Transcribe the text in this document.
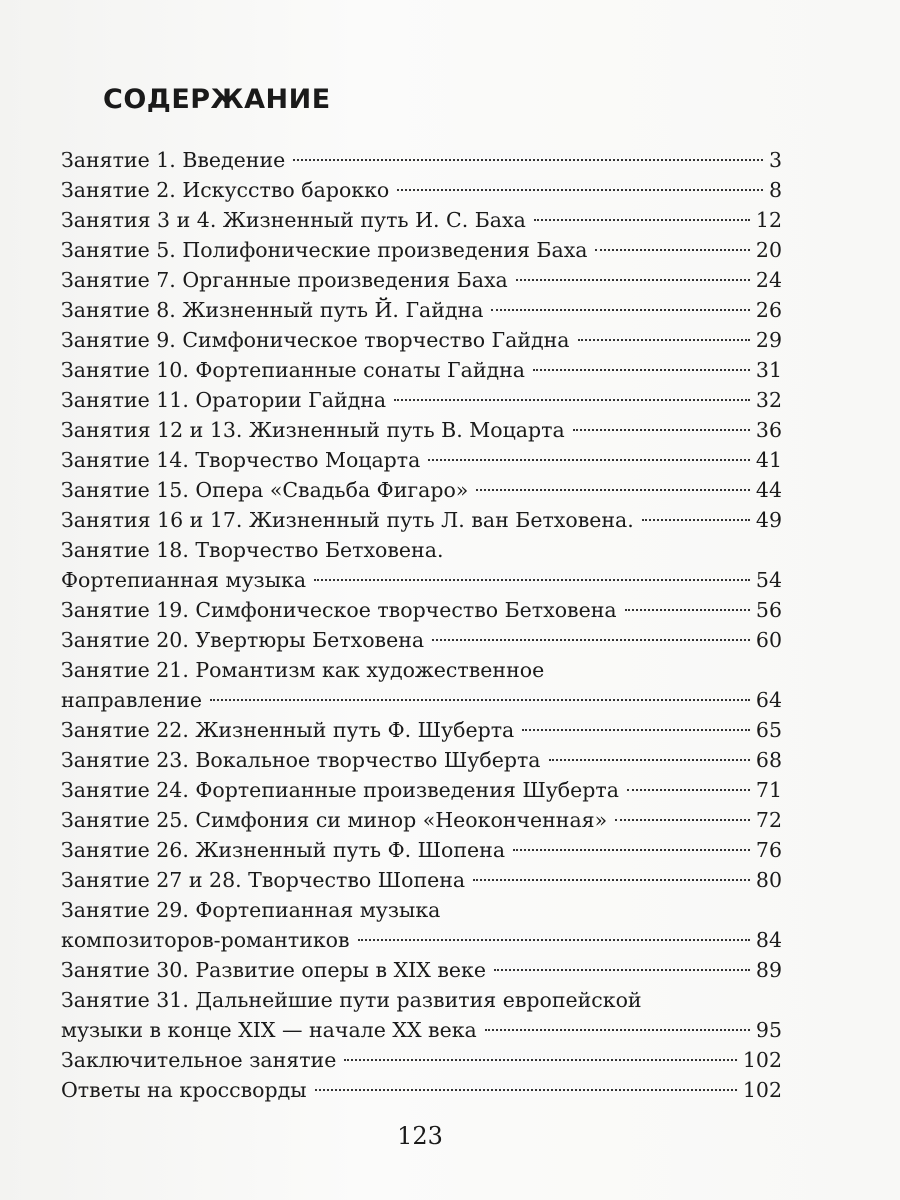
СОДЕРЖАНИЕ
Занятие 1. Введение	3
Занятие 2. Искусство барокко	8
Занятия 3 и 4. Жизненный путь И. С. Баха	12
Занятие 5. Полифонические произведения Баха	20
Занятие 7. Органные произведения Баха	24
Занятие 8. Жизненный путь Й. Гайдна	26
Занятие 9. Симфоническое творчество Гайдна	29
Занятие 10. Фортепианные сонаты Гайдна	31
Занятие 11. Оратории Гайдна	32
Занятия 12 и 13. Жизненный путь В. Моцарта	36
Занятие 14. Творчество Моцарта	41
Занятие 15. Опера «Свадьба Фигаро»	44
Занятия 16 и 17. Жизненный путь Л. ван Бетховена.	49
Занятие 18. Творчество Бетховена.
Фортепианная музыка	54
Занятие 19. Симфоническое творчество Бетховена	56
Занятие 20. Увертюры Бетховена	60
Занятие 21. Романтизм как художественное
направление	64
Занятие 22. Жизненный путь Ф. Шуберта	65
Занятие 23. Вокальное творчество Шуберта	68
Занятие 24. Фортепианные произведения Шуберта	71
Занятие 25. Симфония си минор «Неоконченная»	72
Занятие 26. Жизненный путь Ф. Шопена	76
Занятие 27 и 28. Творчество Шопена	80
Занятие 29. Фортепианная музыка
композиторов-романтиков	84
Занятие 30. Развитие оперы в XIX веке	89
Занятие 31. Дальнейшие пути развития европейской
музыки в конце XIX — начале XX века	95
Заключительное занятие	102
Ответы на кроссворды	102
123
